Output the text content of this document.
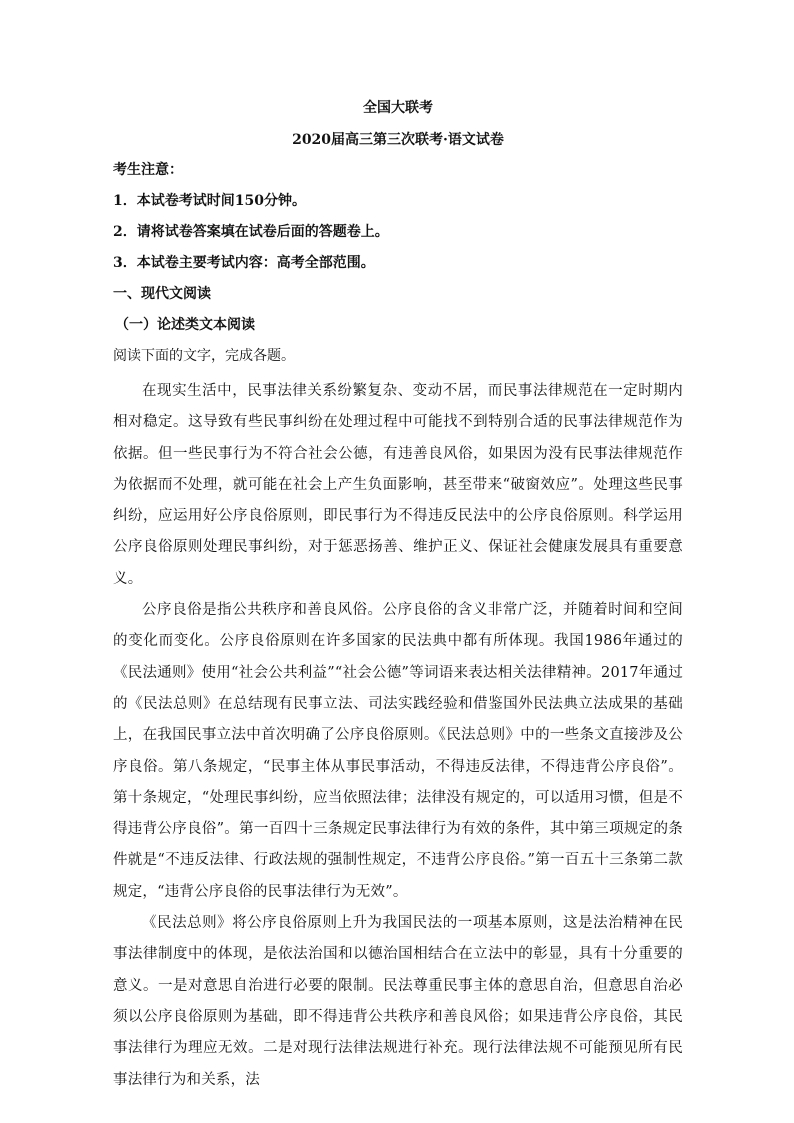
全国大联考

2020届高三第三次联考·语文试卷

考生注意：

1．本试卷考试时间150分钟。

2．请将试卷答案填在试卷后面的答题卷上。

3．本试卷主要考试内容：高考全部范围。

一、现代文阅读

（一）论述类文本阅读

阅读下面的文字，完成各题。

在现实生活中，民事法律关系纷繁复杂、变动不居，而民事法律规范在一定时期内相对稳定。这导致有些民事纠纷在处理过程中可能找不到特别合适的民事法律规范作为依据。但一些民事行为不符合社会公德，有违善良风俗，如果因为没有民事法律规范作为依据而不处理，就可能在社会上产生负面影响，甚至带来“破窗效应”。处理这些民事纠纷，应运用好公序良俗原则，即民事行为不得违反民法中的公序良俗原则。科学运用公序良俗原则处理民事纠纷，对于惩恶扬善、维护正义、保证社会健康发展具有重要意义。

公序良俗是指公共秩序和善良风俗。公序良俗的含义非常广泛，并随着时间和空间的变化而变化。公序良俗原则在许多国家的民法典中都有所体现。我国1986年通过的《民法通则》使用“社会公共利益”“社会公德”等词语来表达相关法律精神。2017年通过的《民法总则》在总结现有民事立法、司法实践经验和借鉴国外民法典立法成果的基础上，在我国民事立法中首次明确了公序良俗原则。《民法总则》中的一些条文直接涉及公序良俗。第八条规定，“民事主体从事民事活动，不得违反法律，不得违背公序良俗”。第十条规定，“处理民事纠纷，应当依照法律；法律没有规定的，可以适用习惯，但是不得违背公序良俗”。第一百四十三条规定民事法律行为有效的条件，其中第三项规定的条件就是“不违反法律、行政法规的强制性规定，不违背公序良俗。”第一百五十三条第二款规定，“违背公序良俗的民事法律行为无效”。

《民法总则》将公序良俗原则上升为我国民法的一项基本原则，这是法治精神在民事法律制度中的体现，是依法治国和以德治国相结合在立法中的彰显，具有十分重要的意义。一是对意思自治进行必要的限制。民法尊重民事主体的意思自治，但意思自治必须以公序良俗原则为基础，即不得违背公共秩序和善良风俗；如果违背公序良俗，其民事法律行为理应无效。二是对现行法律法规进行补充。现行法律法规不可能预见所有民事法律行为和关系，法
